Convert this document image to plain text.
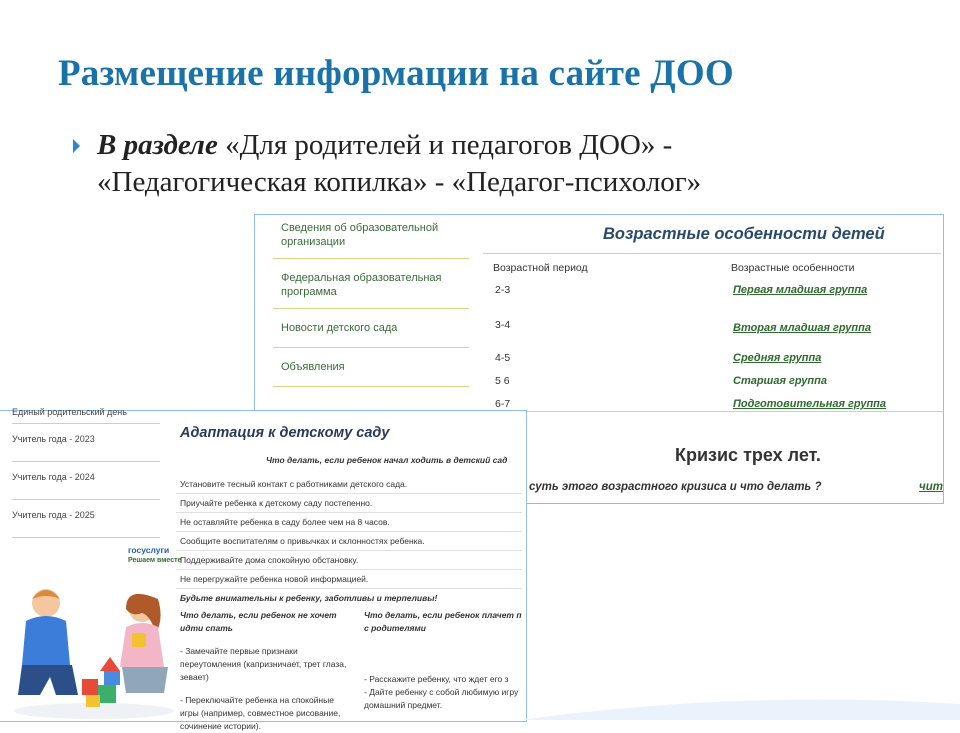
Размещение информации на сайте ДОО
В разделе «Для родителей и педагогов ДОО» -
«Педагогическая копилка» - «Педагог-психолог»
Сведения об образовательной организации
Федеральная образовательная программа
Новости детского сада
Объявления
Возрастные особенности детей
Возрастной период	Возрастные особенности
2-3	Первая младшая группа
3-4	Вторая младшая группа
4-5	Средняя группа
5 6	Старшая группа
6-7	Подготовительная группа
Кризис трех лет.
суть этого возрастного кризиса и что делать ?	чит
Единый родительский день
Учитель года - 2023
Учитель года - 2024
Учитель года - 2025
госуслуги
Решаем вместе
Адаптация к детскому саду
Что делать, если ребенок начал ходить в детский сад
Установите тесный контакт с работниками детского сада.
Приучайте ребенка к детскому саду постепенно.
Не оставляйте ребенка в саду более чем на 8 часов.
Сообщите воспитателям о привычках и склонностях ребенка.
Поддерживайте дома спокойную обстановку.
Не перегружайте ребенка новой информацией.
Будьте внимательны к ребенку, заботливы и терпеливы!
Что делать, если ребенок не хочет идти спать

- Замечайте первые признаки переутомления (капризничает, трет глаза, зевает)
- Переключайте ребенка на спокойные игры (например, совместное рисование, сочинение истории).
Что делать, если ребенок плачет п с родителями

- Расскажите ребенку, что ждет его з
- Дайте ребенку с собой любимую игру домашний предмет.
